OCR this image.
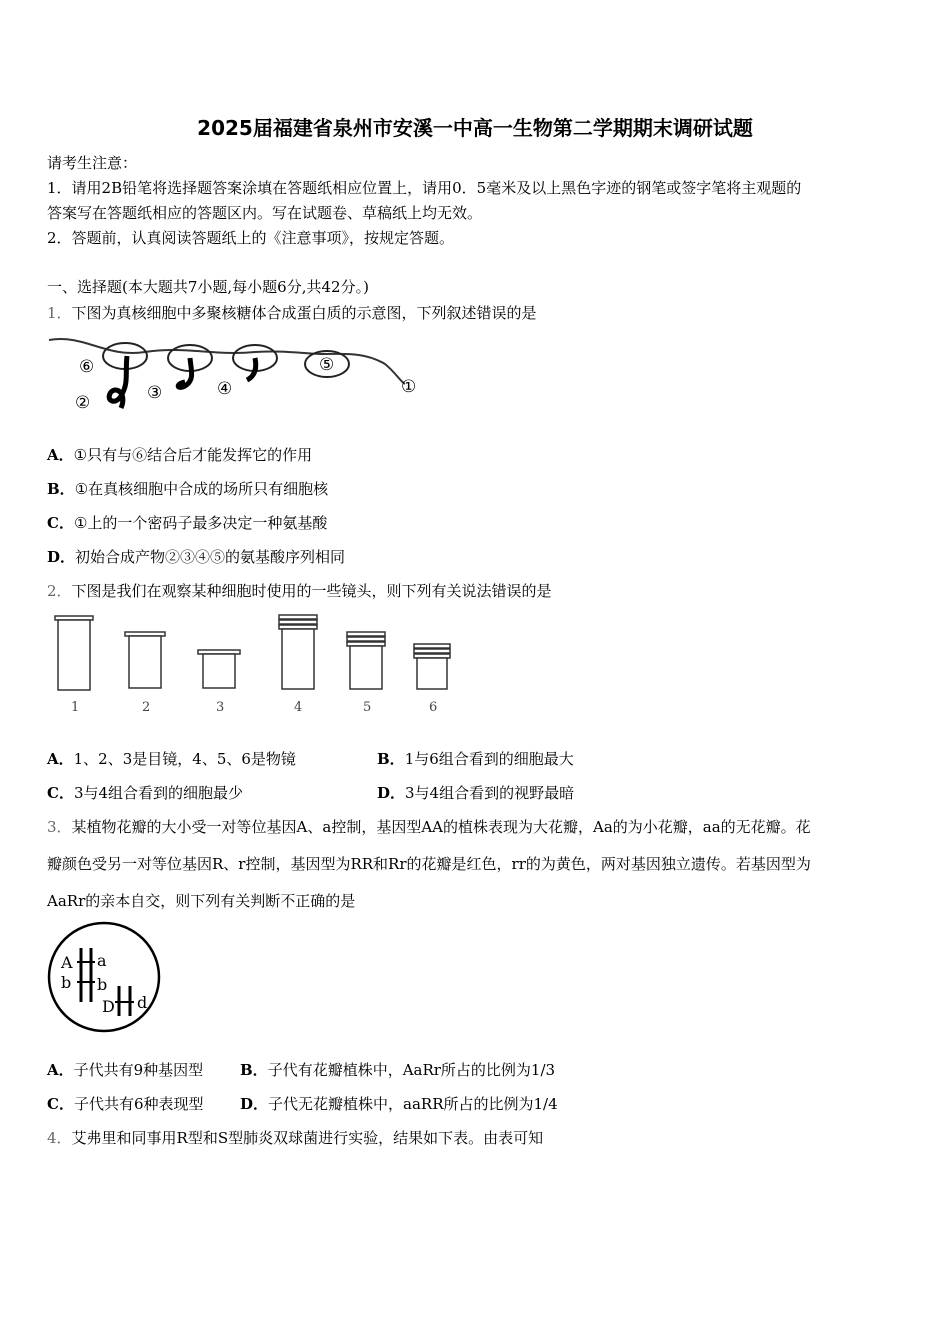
2025届福建省泉州市安溪一中高一生物第二学期期末调研试题
请考生注意：
1．请用2B铅笔将选择题答案涂填在答题纸相应位置上，请用0．5毫米及以上黑色字迹的钢笔或签字笔将主观题的
答案写在答题纸相应的答题区内。写在试题卷、草稿纸上均无效。
2．答题前，认真阅读答题纸上的《注意事项》，按规定答题。
一、选择题(本大题共7小题,每小题6分,共42分。)
1．下图为真核细胞中多聚核糖体合成蛋白质的示意图，下列叙述错误的是
⑥
②	③	④
⑤
①
A．①只有与⑥结合后才能发挥它的作用
B．①在真核细胞中合成的场所只有细胞核
C．①上的一个密码子最多决定一种氨基酸
D．初始合成产物②③④⑤的氨基酸序列相同
2．下图是我们在观察某种细胞时使用的一些镜头，则下列有关说法错误的是
1	2	3	4	5	6
A．1、2、3是目镜，4、5、6是物镜	B．1与6组合看到的细胞最大
C．3与4组合看到的细胞最少	D．3与4组合看到的视野最暗
3．某植物花瓣的大小受一对等位基因A、a控制，基因型AA的植株表现为大花瓣，Aa的为小花瓣，aa的无花瓣。花
瓣颜色受另一对等位基因R、r控制，基因型为RR和Rr的花瓣是红色，rr的为黄色，两对基因独立遗传。若基因型为
AaRr的亲本自交，则下列有关判断不正确的是
A a
b b
D d
A．子代共有9种基因型 B．子代有花瓣植株中，AaRr所占的比例为1/3
C．子代共有6种表现型 D．子代无花瓣植株中，aaRR所占的比例为1/4
4．艾弗里和同事用R型和S型肺炎双球菌进行实验，结果如下表。由表可知
